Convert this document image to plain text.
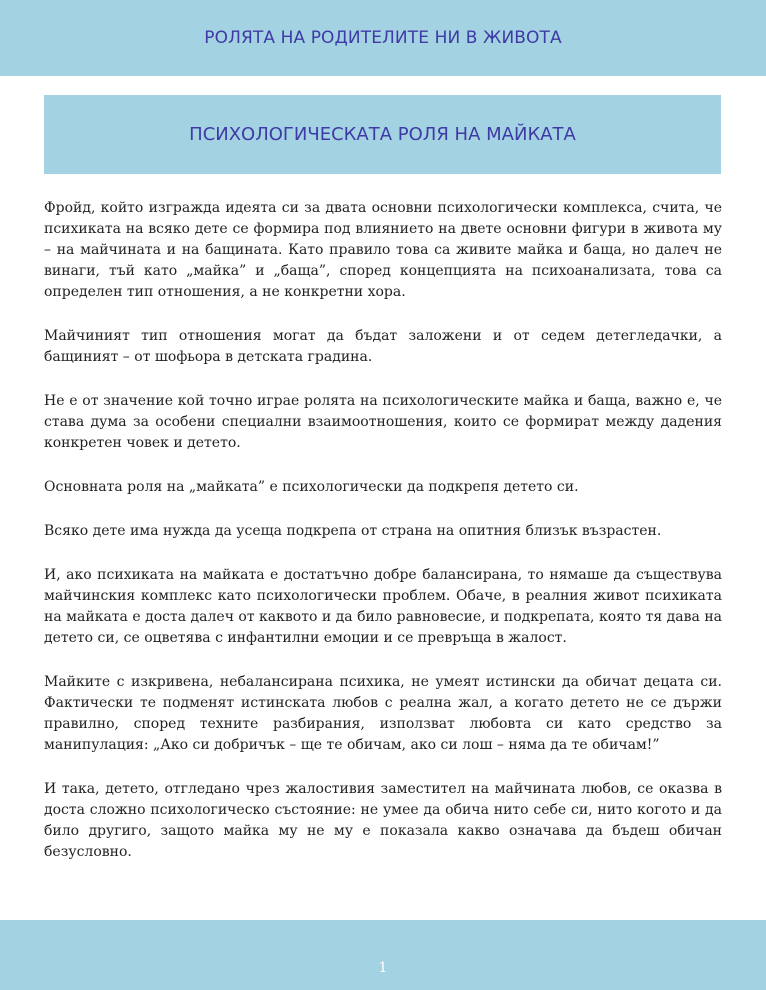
РОЛЯТА НА РОДИТЕЛИТЕ НИ В ЖИВОТА
ПСИХОЛОГИЧЕСКАТА РОЛЯ НА МАЙКАТА

Фройд, който изгражда идеята си за двата основни психологически комплекса, счита, че психиката на всяко дете се формира под влиянието на двете основни фигури в живота му – на майчината и на бащината. Като правило това са живите майка и баща, но далеч не винаги, тъй като „майка” и „баща”, според концепцията на психоанализата, това са определен тип отношения, а не конкретни хора.

Майчиният тип отношения могат да бъдат заложени и от седем детегледачки, а бащиният – от шофьора в детската градина.

Не е от значение кой точно играе ролята на психологическите майка и баща, важно е, че става дума за особени специални взаимоотношения, които се формират между дадения конкретен човек и детето.

Основната роля на „майката” е психологически да подкрепя детето си.

Всяко дете има нужда да усеща подкрепа от страна на опитния близък възрастен.

И, ако психиката на майката е достатъчно добре балансирана, то нямаше да съществува майчинския комплекс като психологически проблем. Обаче, в реалния живот психиката на майката е доста далеч от каквото и да било равновесие, и подкрепата, която тя дава на детето си, се оцветява с инфантилни емоции и се превръща в жалост.

Майките с изкривена, небалансирана психика, не умеят истински да обичат децата си. Фактически те подменят истинската любов с реална жал, а когато детето не се държи правилно, според техните разбирания, използват любовта си като средство за манипулация: „Ако си добричък – ще те обичам, ако си лош – няма да те обичам!”

И така, детето, отгледано чрез жалостивия заместител на майчината любов, се оказва в доста сложно психологическо състояние: не умее да обича нито себе си, нито когото и да било другиго, защото майка му не му е показала какво означава да бъдеш обичан безусловно.

1
